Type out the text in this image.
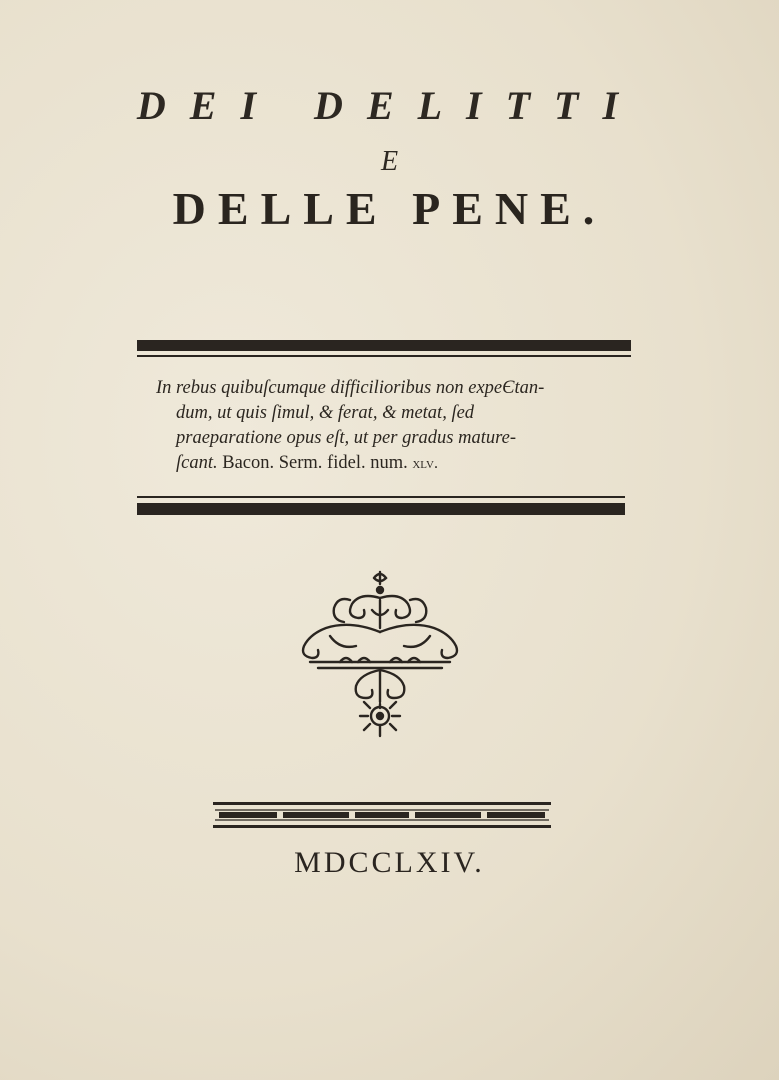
DEI DELITTI
E
DELLE PENE.
In rebus quibuſcumque difficilioribus non expeЄtan-
dum, ut quis ſimul, & ferat, & metat, ſed
praeparatione opus eſt, ut per gradus mature-
ſcant. Bacon. Serm. fidel. num. xlv.
MDCCLXIV.
